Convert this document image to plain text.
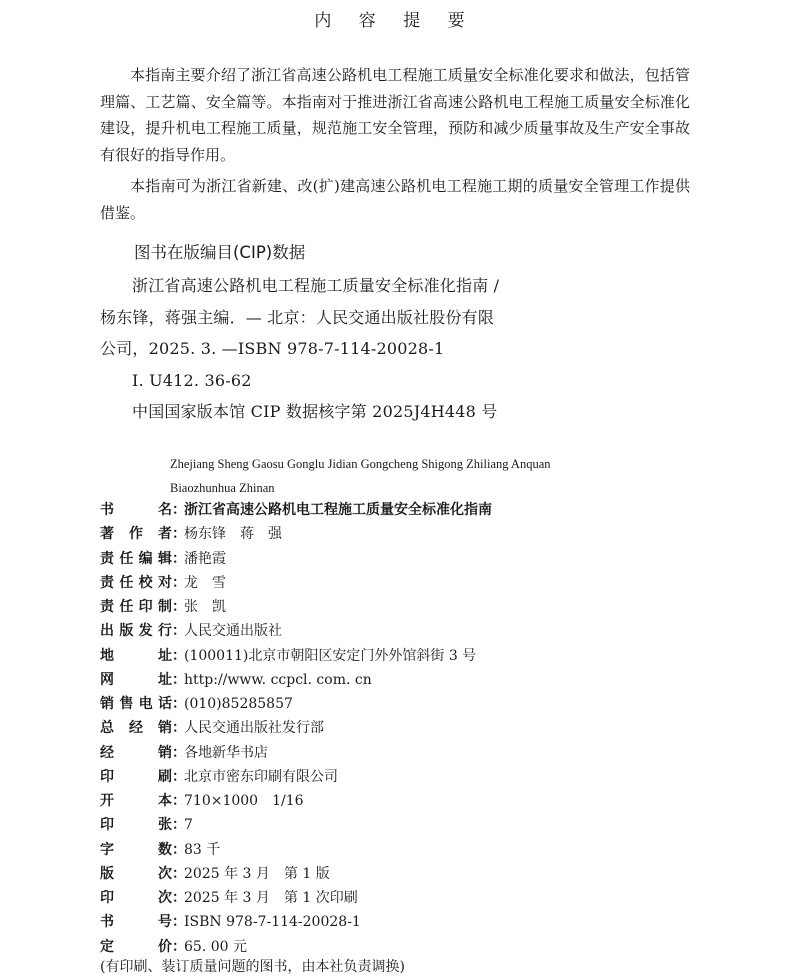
内 容 提 要
本指南主要介绍了浙江省高速公路机电工程施工质量安全标准化要求和做法，包括管理篇、工艺篇、安全篇等。本指南对于推进浙江省高速公路机电工程施工质量安全标准化建设，提升机电工程施工质量，规范施工安全管理，预防和减少质量事故及生产安全事故有很好的指导作用。
本指南可为浙江省新建、改(扩)建高速公路机电工程施工期的质量安全管理工作提供借鉴。
图书在版编目(CIP)数据
浙江省高速公路机电工程施工质量安全标准化指南 /
杨东锋，蒋强主编．— 北京：人民交通出版社股份有限
公司，2025. 3. —ISBN 978-7-114-20028-1
Ⅰ. U412. 36-62
中国国家版本馆 CIP 数据核字第 2025J4H448 号
Zhejiang Sheng Gaosu Gonglu Jidian Gongcheng Shigong Zhiliang Anquan
Biaozhunhua Zhinan
书名：浙江省高速公路机电工程施工质量安全标准化指南
著作者：杨东锋　蒋　强
责任编辑：潘艳霞
责任校对：龙　雪
责任印制：张　凯
出版发行：人民交通出版社
地址：(100011)北京市朝阳区安定门外外馆斜街 3 号
网址：http://www. ccpcl. com. cn
销售电话：(010)85285857
总经销：人民交通出版社发行部
经销：各地新华书店
印刷：北京市密东印刷有限公司
开本：710×1000　1/16
印张：7
字数：83 千
版次：2025 年 3 月　第 1 版
印次：2025 年 3 月　第 1 次印刷
书号：ISBN 978-7-114-20028-1
定价：65. 00 元
(有印刷、装订质量问题的图书，由本社负责调换)
